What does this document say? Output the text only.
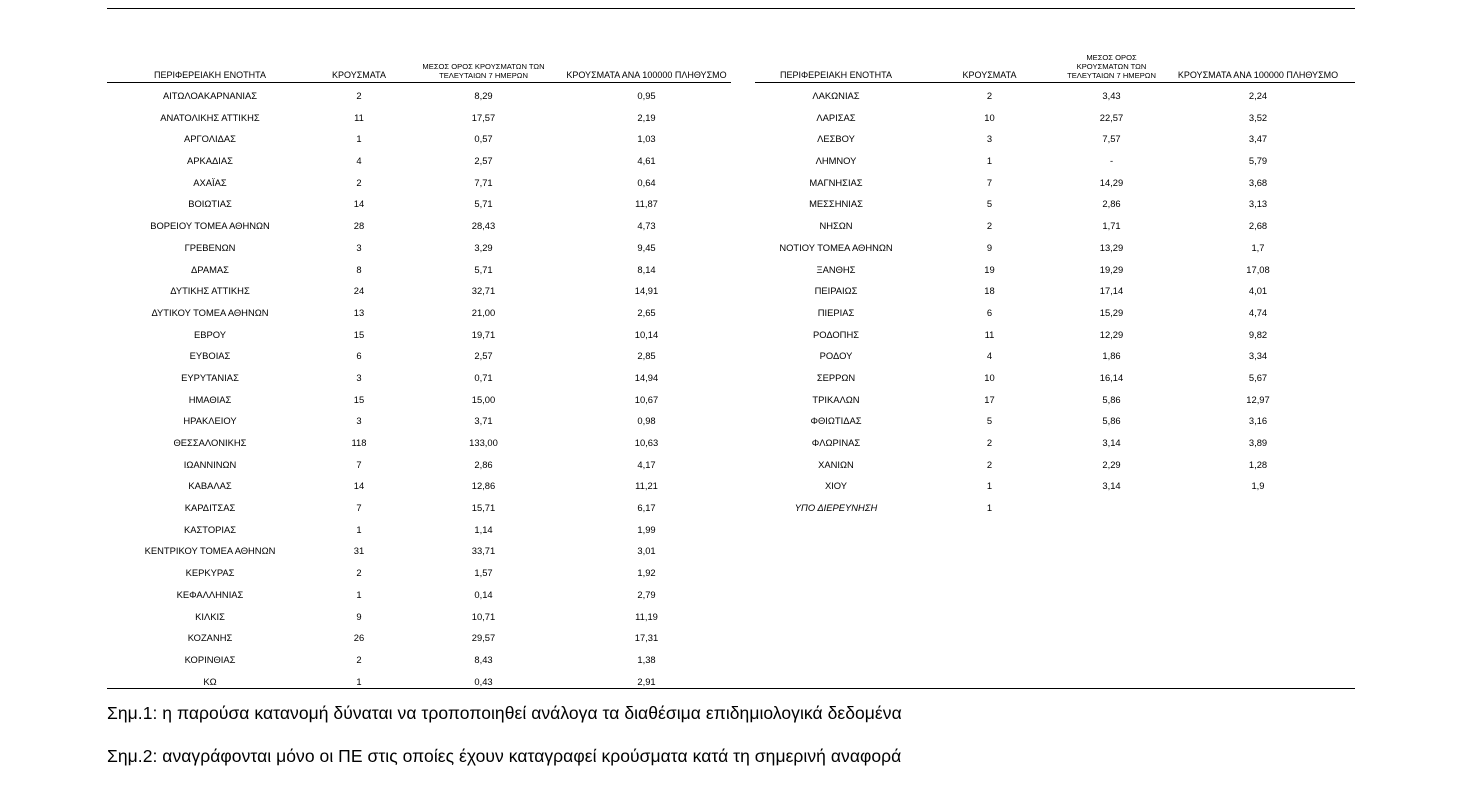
ΠΕΡΙΦΕΡΕΙΑΚΗ ΕΝΟΤΗΤΑ	ΚΡΟΥΣΜΑΤΑ
ΜΕΣΟΣ ΟΡΟΣ ΚΡΟΥΣΜΑΤΩΝ ΤΩΝ
ΤΕΛΕΥΤΑΙΩΝ 7 ΗΜΕΡΩΝ	ΚΡΟΥΣΜΑΤΑ ΑΝΑ 100000 ΠΛΗΘΥΣΜΟ
ΑΙΤΩΛΟΑΚΑΡΝΑΝΙΑΣ	2	8,29	0,95
ΑΝΑΤΟΛΙΚΗΣ ΑΤΤΙΚΗΣ	11	17,57	2,19
ΑΡΓΟΛΙΔΑΣ	1	0,57	1,03
ΑΡΚΑΔΙΑΣ	4	2,57	4,61
ΑΧΑΪΑΣ	2	7,71	0,64
ΒΟΙΩΤΙΑΣ	14	5,71	11,87
ΒΟΡΕΙΟΥ ΤΟΜΕΑ ΑΘΗΝΩΝ	28	28,43	4,73
ΓΡΕΒΕΝΩΝ	3	3,29	9,45
ΔΡΑΜΑΣ	8	5,71	8,14
ΔΥΤΙΚΗΣ ΑΤΤΙΚΗΣ	24	32,71	14,91
ΔΥΤΙΚΟΥ ΤΟΜΕΑ ΑΘΗΝΩΝ	13	21,00	2,65
ΕΒΡΟΥ	15	19,71	10,14
ΕΥΒΟΙΑΣ	6	2,57	2,85
ΕΥΡΥΤΑΝΙΑΣ	3	0,71	14,94
ΗΜΑΘΙΑΣ	15	15,00	10,67
ΗΡΑΚΛΕΙΟΥ	3	3,71	0,98
ΘΕΣΣΑΛΟΝΙΚΗΣ	118	133,00	10,63
ΙΩΑΝΝΙΝΩΝ	7	2,86	4,17
ΚΑΒΑΛΑΣ	14	12,86	11,21
ΚΑΡΔΙΤΣΑΣ	7	15,71	6,17
ΚΑΣΤΟΡΙΑΣ	1	1,14	1,99
ΚΕΝΤΡΙΚΟΥ ΤΟΜΕΑ ΑΘΗΝΩΝ	31	33,71	3,01
ΚΕΡΚΥΡΑΣ	2	1,57	1,92
ΚΕΦΑΛΛΗΝΙΑΣ	1	0,14	2,79
ΚΙΛΚΙΣ	9	10,71	11,19
ΚΟΖΑΝΗΣ	26	29,57	17,31
ΚΟΡΙΝΘΙΑΣ	2	8,43	1,38
ΚΩ	1	0,43	2,91
ΠΕΡΙΦΕΡΕΙΑΚΗ ΕΝΟΤΗΤΑ	ΚΡΟΥΣΜΑΤΑ
ΜΕΣΟΣ ΟΡΟΣ ΚΡΟΥΣΜΑΤΩΝ ΤΩΝ
ΤΕΛΕΥΤΑΙΩΝ 7 ΗΜΕΡΩΝ	ΚΡΟΥΣΜΑΤΑ ΑΝΑ 100000 ΠΛΗΘΥΣΜΟ
ΛΑΚΩΝΙΑΣ	2	3,43	2,24
ΛΑΡΙΣΑΣ	10	22,57	3,52
ΛΕΣΒΟΥ	3	7,57	3,47
ΛΗΜΝΟΥ	1	-	5,79
ΜΑΓΝΗΣΙΑΣ	7	14,29	3,68
ΜΕΣΣΗΝΙΑΣ	5	2,86	3,13
ΝΗΣΩΝ	2	1,71	2,68
ΝΟΤΙΟΥ ΤΟΜΕΑ ΑΘΗΝΩΝ	9	13,29	1,7
ΞΑΝΘΗΣ	19	19,29	17,08
ΠΕΙΡΑΙΩΣ	18	17,14	4,01
ΠΙΕΡΙΑΣ	6	15,29	4,74
ΡΟΔΟΠΗΣ	11	12,29	9,82
ΡΟΔΟΥ	4	1,86	3,34
ΣΕΡΡΩΝ	10	16,14	5,67
ΤΡΙΚΑΛΩΝ	17	5,86	12,97
ΦΘΙΩΤΙΔΑΣ	5	5,86	3,16
ΦΛΩΡΙΝΑΣ	2	3,14	3,89
ΧΑΝΙΩΝ	2	2,29	1,28
ΧΙΟΥ	1	3,14	1,9
ΥΠΟ ΔΙΕΡΕΥΝΗΣΗ	1
Σημ.1: η παρούσα κατανομή δύναται να τροποποιηθεί ανάλογα τα διαθέσιμα επιδημιολογικά δεδομένα
Σημ.2: αναγράφονται μόνο οι ΠΕ στις οποίες έχουν καταγραφεί κρούσματα κατά τη σημερινή αναφορά
